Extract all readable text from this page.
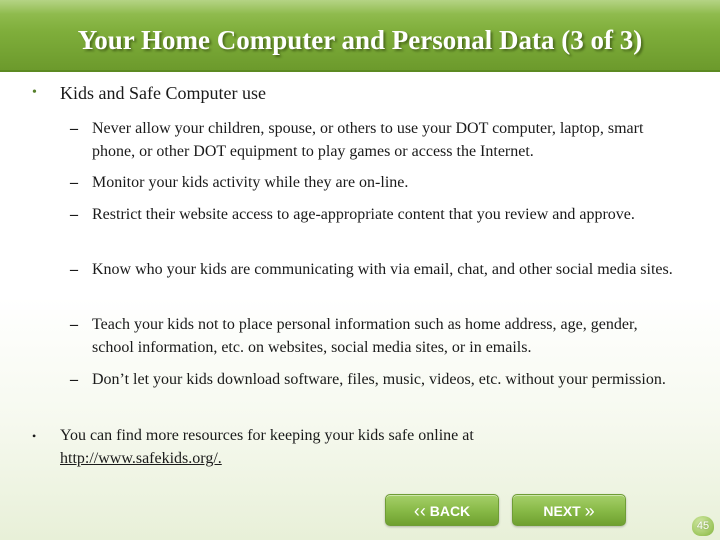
Your Home Computer and Personal Data (3 of 3)
• Kids and Safe Computer use
– Never allow your children, spouse, or others to use your DOT computer, laptop, smart phone, or other DOT equipment to play games or access the Internet.
– Monitor your kids activity while they are on-line.
– Restrict their website access to age-appropriate content that you review and approve.
– Know who your kids are communicating with via email, chat, and other social media sites.
– Teach your kids not to place personal information such as home address, age, gender, school information, etc. on websites, social media sites, or in emails.
– Don’t let your kids download software, files, music, videos, etc. without your permission.
• You can find more resources for keeping your kids safe online at
http://www.safekids.org/.
‹‹ BACK	NEXT »
45
